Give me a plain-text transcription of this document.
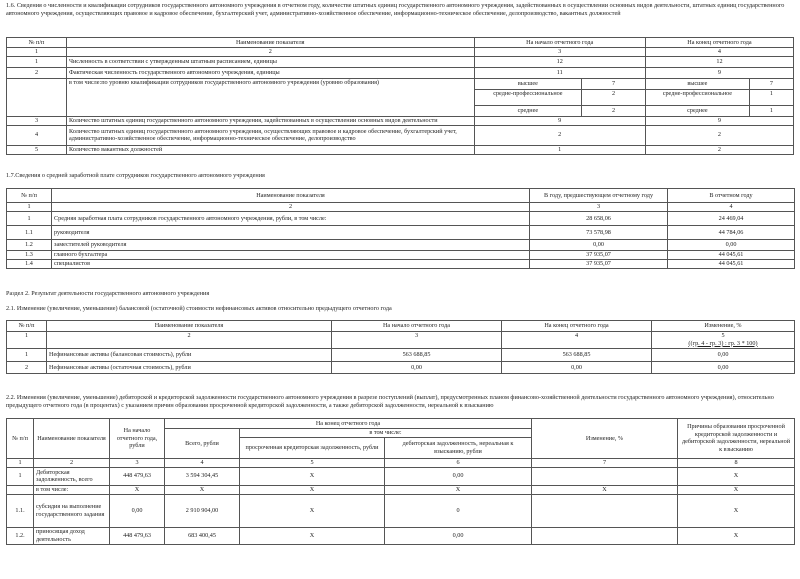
1.6. Сведения о численности и квалификации сотрудников государственного автономного учреждения в отчетном году, количестве штатных единиц государственного автономного учреждения, задействованных в осуществлении основных видов деятельности, штатных единиц государственного автономного учреждения, осуществляющих правовое и кадровое обеспечение, бухгалтерский учет, административно-хозяйственное обеспечение, информационно-техническое обеспечение, делопроизводство, вакантных должностей
№ п/п	Наименование показателя	На начало отчетного года		На конец отчетного года	
1	2	3		4	
1	Численность в соответствии с утвержденным штатным расписанием, единицы	12		12	
2	Фактическая численность государственного автономного учреждения, единицы	11		9	
	в том числе:по уровню квалификации сотрудников государственного автономного учреждения (уровню образования)	высшее	7	высшее	7
		средне-профессиональное	2	средне-профессиональное	1
		среднее	2	среднее	1
3	Количество штатных единиц государственного автономного учреждения, задействованных в осуществлении основных видов деятельности	9		9	
4	Количество штатных единиц государственного автономного учреждения, осуществляющих правовое и кадровое обеспечение, бухгалтерский учет, административно-хозяйственное обеспечение, информационно-техническое обеспечение, делопроизводство	2		2	
5	Количество вакантных должностей	1		2	
1.7.Сведения о средней заработной плате сотрудников государственного автономного учреждения
№ п/п	Наименование показателя	В году, предшествующем отчетному году	В отчетном году
1	2	3	4
1	Средняя заработная плата сотрудников государственного автономного учреждения, рубли, в том числе:	28 658,06	24 469,04
1.1	руководителя	73 578,98	44 784,06
1.2	заместителей руководителя	0,00	0,00
1.3	главного бухгалтера	37 935,07	44 045,61
1.4	специалистов	37 935,07	44 045,61
Раздел 2. Результат деятельности государственного автономного учреждения
2.1. Изменение (увеличение, уменьшение) балансовой (остаточной) стоимости нефинансовых активов относительно предыдущего отчетного года
№ п/п	Наименование показателя	На начало отчетного года	На конец отчетного года	Изменение, %
1	2	3	4	5
((гр. 4 - гр. 3) : гр. 3 * 100)

1	Нефинансовые активы (балансовая стоимость), рубли	563 688,85	563 688,85	0,00
2	Нефинансовые активы (остаточная стоимость), рубли	0,00	0,00	0,00
2.2. Изменения (увеличение, уменьшение) дебиторской и кредиторской задолженности государственного автономного учреждения в разрезе поступлений (выплат), предусмотренных планом финансово-хозяйственной деятельности государственного автономного учреждения), относительно предыдущего отчетного года (в процентах) с указанием причин образования просроченной кредиторской задолженности, а также дебиторской задолженности, нереальной к взысканию
№ п/п	Наименование показателя	На начало отчетного года, рубли	На конец отчетного года			Изменение, %	Причины образования просроченной кредиторской задолженности и дебиторской задолженности, нереальной к взысканию
			Всего, рубли	в том числе:			
				просроченная кредиторская задолженность, рубли	дебиторская задолженность, нереальная к взысканию, рубли		
1	2	3	4	5	6	7	8
1	Дебиторская задолженность, всего	448 479,63	3 594 304,45	X	0,00		X
	в том числе:	X	X	X	X	X	X
1.1.	субсидия на выполнение государственного задания	0,00	2 910 904,00	X	0		X
1.2.	приносящая доход деятельность	448 479,63	683 400,45	X	0,00		X
